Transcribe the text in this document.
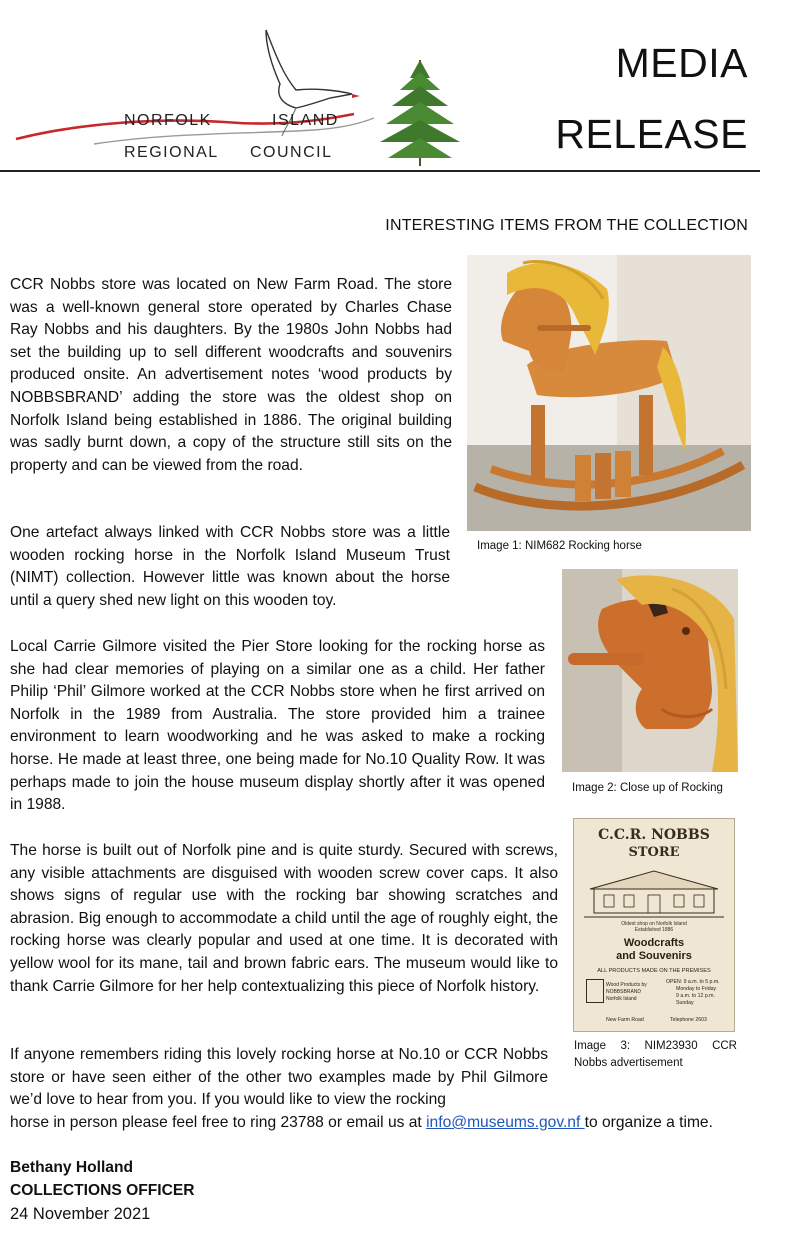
NORFOLK	ISLAND
REGIONAL COUNCIL
MEDIA
RELEASE
INTERESTING ITEMS FROM THE COLLECTION
CCR Nobbs store was located on New Farm Road. The store was a well-known general store operated by Charles Chase Ray Nobbs and his daughters. By the 1980s John Nobbs had set the building up to sell different woodcrafts and souvenirs produced onsite. An advertisement notes ‘wood products by NOBBSBRAND’ adding the store was the oldest shop on Norfolk Island being established in 1886. The original building was sadly burnt down, a copy of the structure still sits on the property and can be viewed from the road.
One artefact always linked with CCR Nobbs store was a little wooden rocking horse in the Norfolk Island Museum Trust (NIMT) collection. However little was known about the horse until a query shed new light on this wooden toy.
Local Carrie Gilmore visited the Pier Store looking for the rocking horse as she had clear memories of playing on a similar one as a child. Her father Philip ‘Phil’ Gilmore worked at the CCR Nobbs store when he first arrived on Norfolk in the 1989 from Australia. The store provided him a trainee environment to learn woodworking and he was asked to make a rocking horse. He made at least three, one being made for No.10 Quality Row. It was perhaps made to join the house museum display shortly after it was opened in 1988.
The horse is built out of Norfolk pine and is quite sturdy. Secured with screws, any visible attachments are disguised with wooden screw cover caps. It also shows signs of regular use with the rocking bar showing scratches and abrasion. Big enough to accommodate a child until the age of roughly eight, the rocking horse was clearly popular and used at one time. It is decorated with yellow wool for its mane, tail and brown fabric ears. The museum would like to thank Carrie Gilmore for her help contextualizing this piece of Norfolk history.
If anyone remembers riding this lovely rocking horse at No.10 or CCR Nobbs store or have seen either of the other two examples made by Phil Gilmore we’d love to hear from you. If you would like to view the rocking
horse in person please feel free to ring 23788 or email us at info@museums.gov.nf to organize a time.
Bethany Holland
COLLECTIONS OFFICER
24 November 2021
Image 1: NIM682 Rocking horse
Image 2: Close up of Rocking
C.C.R. NOBBS
STORE
Oldest shop on Norfolk Island
Established 1886
Woodcrafts
and Souvenirs
ALL PRODUCTS MADE ON THE PREMISES
Wood Products by
NOBBSBRAND
Norfolk Island
OPEN: 9 a.m. to 5 p.m.
Monday to Friday
9 a.m. to 12 p.m.
Sunday
New Farm Road	Telephone 2603
Image 3: NIM23930 CCR Nobbs advertisement
